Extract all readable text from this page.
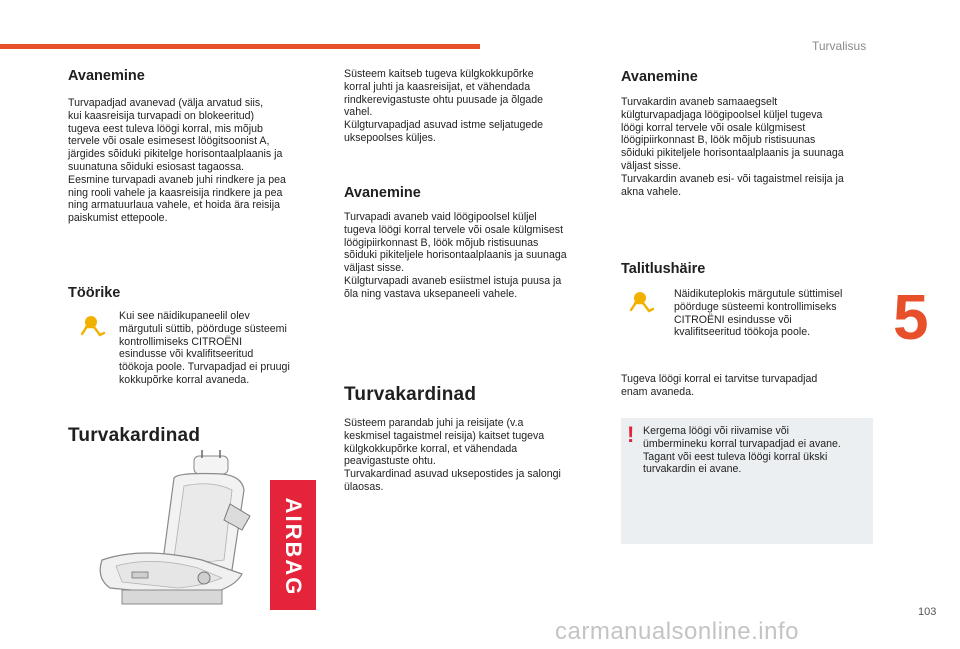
Turvalisus
5
Avanemine

Turvapadjad avanevad (välja arvatud siis,
kui kaasreisija turvapadi on blokeeritud)
tugeva eest tuleva löögi korral, mis mõjub
tervele või osale esimesest löögitsoonist A,
järgides sõiduki pikitelge horisontaalplaanis ja
suunatuna sõiduki esiosast tagaossa.
Eesmine turvapadi avaneb juhi rindkere ja pea
ning rooli vahele ja kaasreisija rindkere ja pea
ning armatuurlaua vahele, et hoida ära reisija
paiskumist ettepoole.

Töörike

Kui see näidikupaneelil olev
märgutuli süttib, pöörduge süsteemi
kontrollimiseks CITROËNI
esindusse või kvalifitseeritud
töökoja poole. Turvapadjad ei pruugi
kokkupõrke korral avaneda.

Turvakardinad
AIRBAG

Süsteem kaitseb tugeva külgkokkupõrke
korral juhti ja kaasreisijat, et vähendada
rindkerevigastuste ohtu puusade ja õlgade
vahel.
Külgturvapadjad asuvad istme seljatugede
uksepoolses küljes.

Avanemine

Turvapadi avaneb vaid löögipoolsel küljel
tugeva löögi korral tervele või osale külgmisest
löögipiirkonnast B, löök mõjub ristisuunas
sõiduki pikiteljele horisontaalplaanis ja suunaga
väljast sisse.
Külgturvapadi avaneb esiistmel istuja puusa ja
õla ning vastava uksepaneeli vahele.

Turvakardinad

Süsteem parandab juhi ja reisijate (v.a
keskmisel tagaistmel reisija) kaitset tugeva
külgkokkupõrke korral, et vähendada
peavigastuste ohtu.
Turvakardinad asuvad uksepostides ja salongi
ülaosas.

Avanemine

Turvakardin avaneb samaaegselt
külgturvapadjaga löögipoolsel küljel tugeva
löögi korral tervele või osale külgmisest
löögipiirkonnast B, löök mõjub ristisuunas
sõiduki pikiteljele horisontaalplaanis ja suunaga
väljast sisse.
Turvakardin avaneb esi- või tagaistmel reisija ja
akna vahele.

Talitlushäire

Näidikuteplokis märgutule süttimisel
pöörduge süsteemi kontrollimiseks
CITROËNI esindusse või
kvalifitseeritud töökoja poole.

Tugeva löögi korral ei tarvitse turvapadjad
enam avaneda.

! Kergema löögi või riivamise või
ümbermineku korral turvapadjad ei avane.
Tagant või eest tuleva löögi korral ükski
turvakardin ei avane.

103
carmanualsonline.info
